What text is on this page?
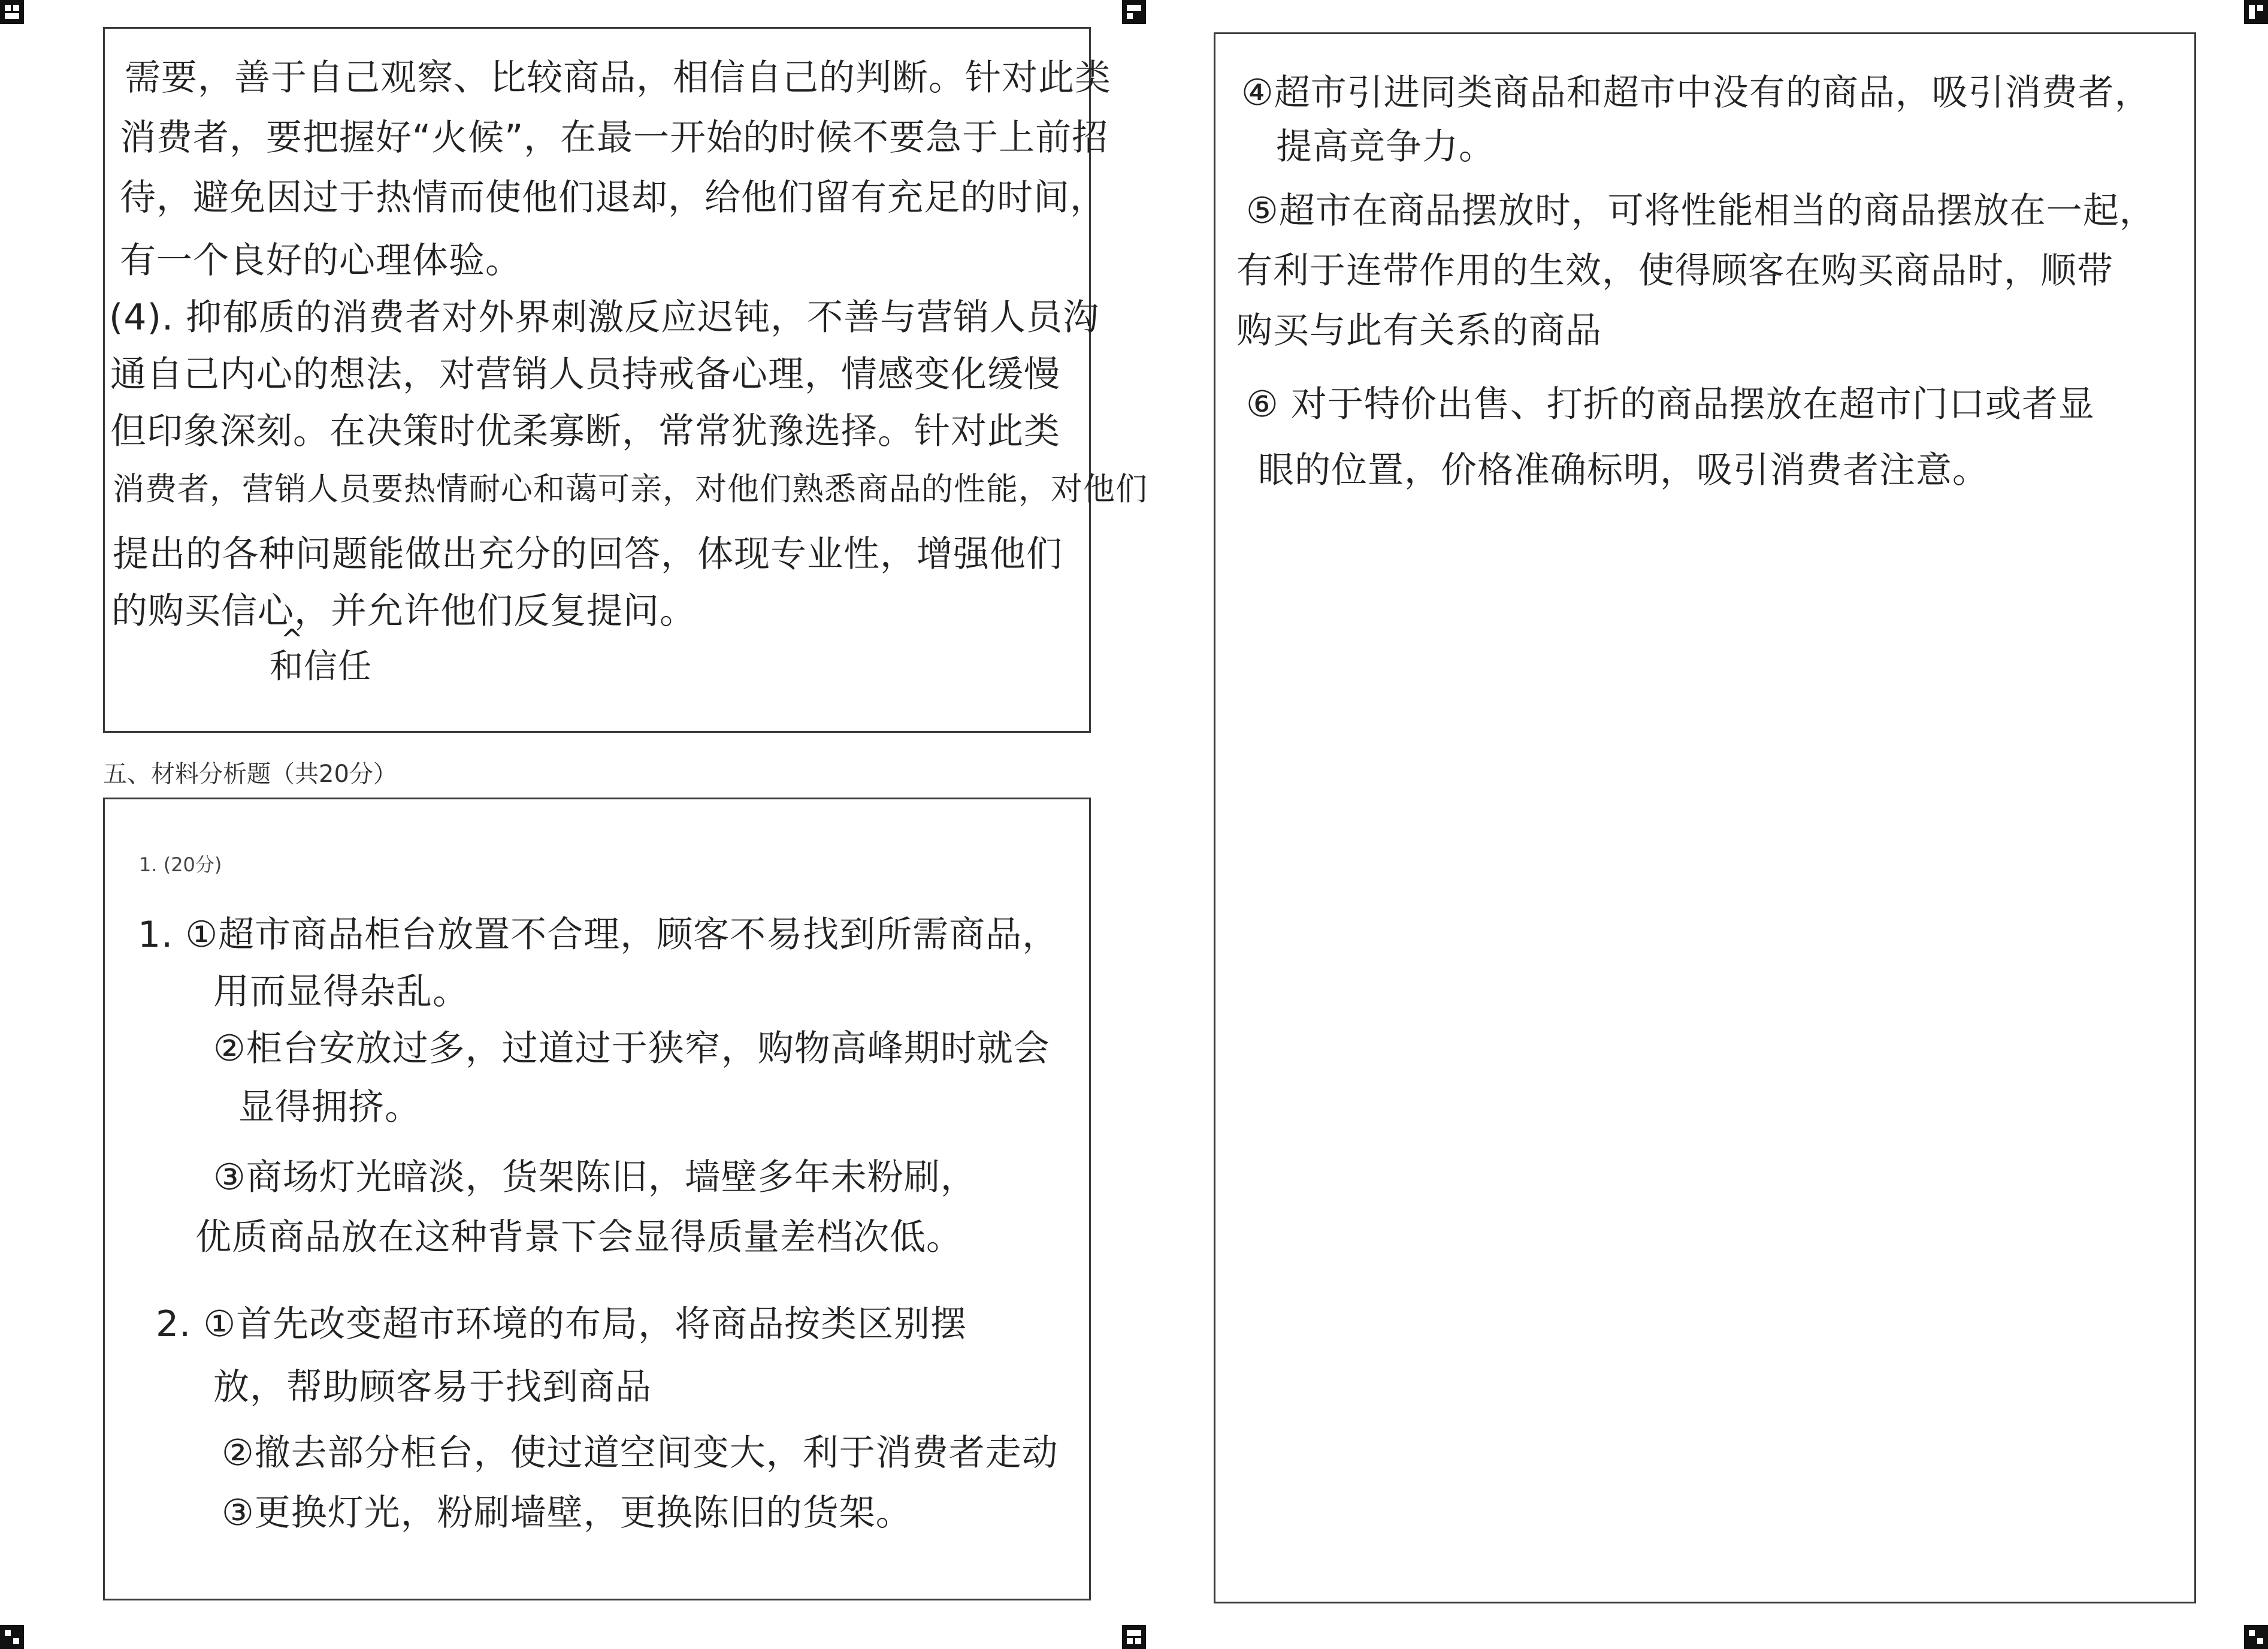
需要，善于自己观察、比较商品，相信自己的判断。针对此类
消费者，要把握好“火候”，在最一开始的时候不要急于上前招
待，避免因过于热情而使他们退却，给他们留有充足的时间，
有一个良好的心理体验。
(4). 抑郁质的消费者对外界刺激反应迟钝，不善与营销人员沟
通自己内心的想法，对营销人员持戒备心理，情感变化缓慢
但印象深刻。在决策时优柔寡断，常常犹豫选择。针对此类
消费者，营销人员要热情耐心和蔼可亲，对他们熟悉商品的性能，对他们
提出的各种问题能做出充分的回答，体现专业性，增强他们
的购买信心，并允许他们反复提问。
^
和信任
五、材料分析题（共20分）
1. (20分)
1. ①超市商品柜台放置不合理，顾客不易找到所需商品，
用而显得杂乱。
②柜台安放过多，过道过于狭窄，购物高峰期时就会
显得拥挤。
③商场灯光暗淡，货架陈旧，墙壁多年未粉刷，
优质商品放在这种背景下会显得质量差档次低。
2. ①首先改变超市环境的布局，将商品按类区别摆
放，帮助顾客易于找到商品
②撤去部分柜台，使过道空间变大，利于消费者走动
③更换灯光，粉刷墙壁，更换陈旧的货架。
④超市引进同类商品和超市中没有的商品，吸引消费者，
提高竞争力。
⑤超市在商品摆放时，可将性能相当的商品摆放在一起，
有利于连带作用的生效，使得顾客在购买商品时，顺带
购买与此有关系的商品
⑥ 对于特价出售、打折的商品摆放在超市门口或者显
眼的位置，价格准确标明，吸引消费者注意。
